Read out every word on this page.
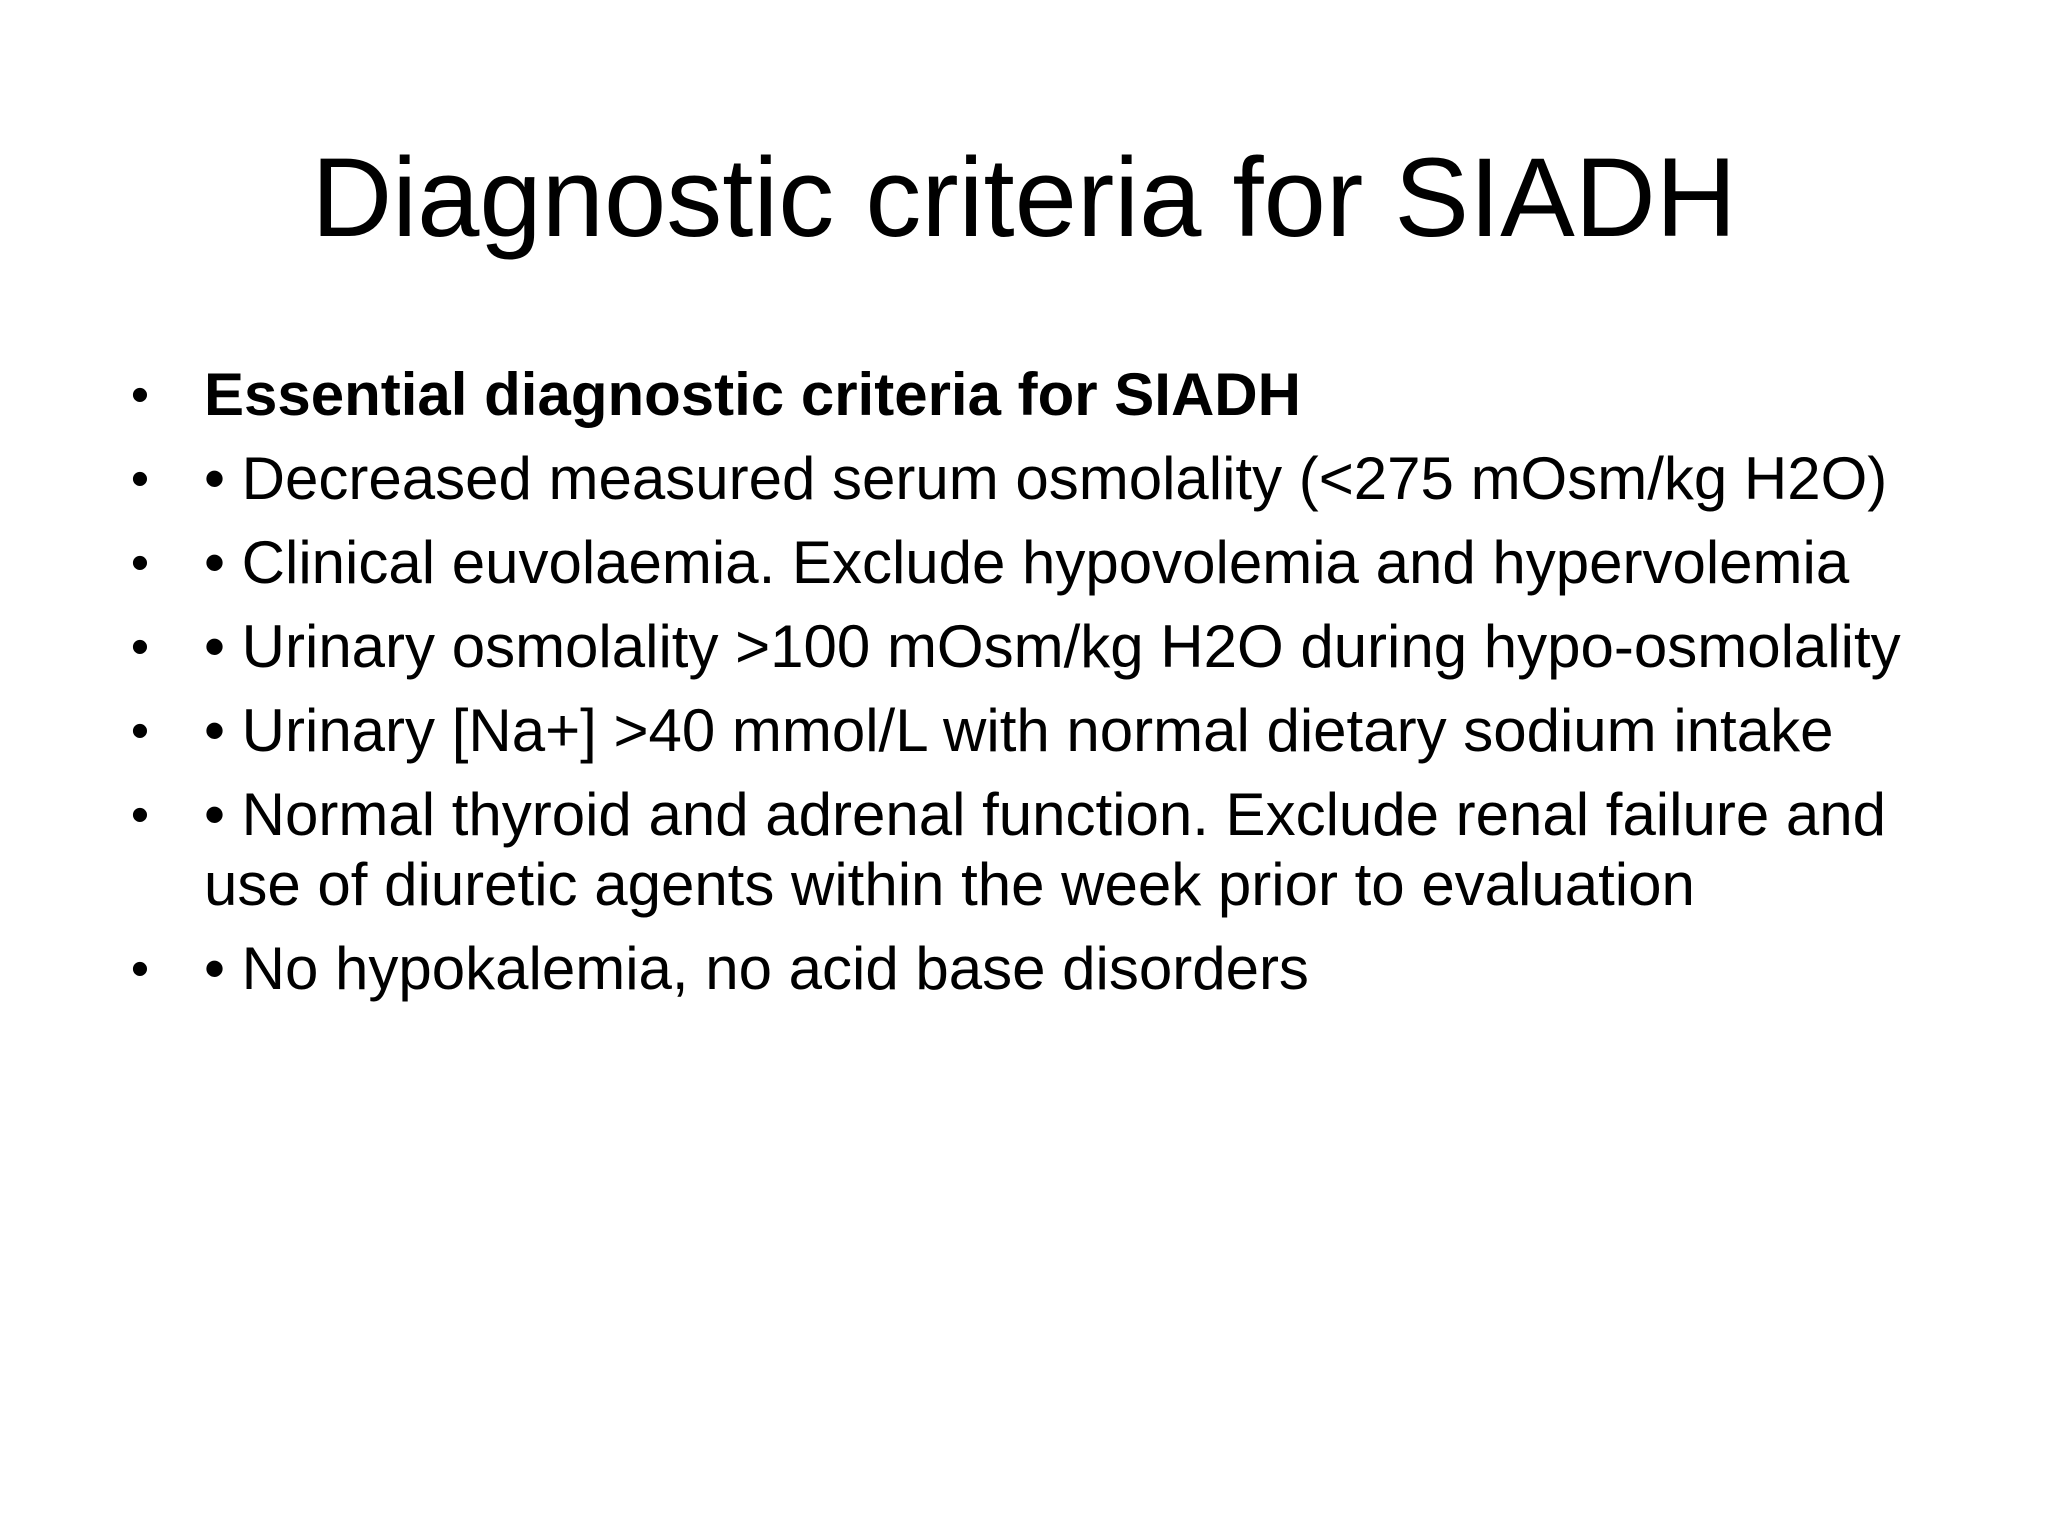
Diagnostic criteria for SIADH
• Essential diagnostic criteria for SIADH
• • Decreased measured serum osmolality (<275 mOsm/kg H2O)
• • Clinical euvolaemia. Exclude hypovolemia and hypervolemia
• • Urinary osmolality >100 mOsm/kg H2O during hypo-osmolality
• • Urinary [Na+] >40 mmol/L with normal dietary sodium intake
• • Normal thyroid and adrenal function. Exclude renal failure and use of diuretic agents within the week prior to evaluation
• • No hypokalemia, no acid base disorders
